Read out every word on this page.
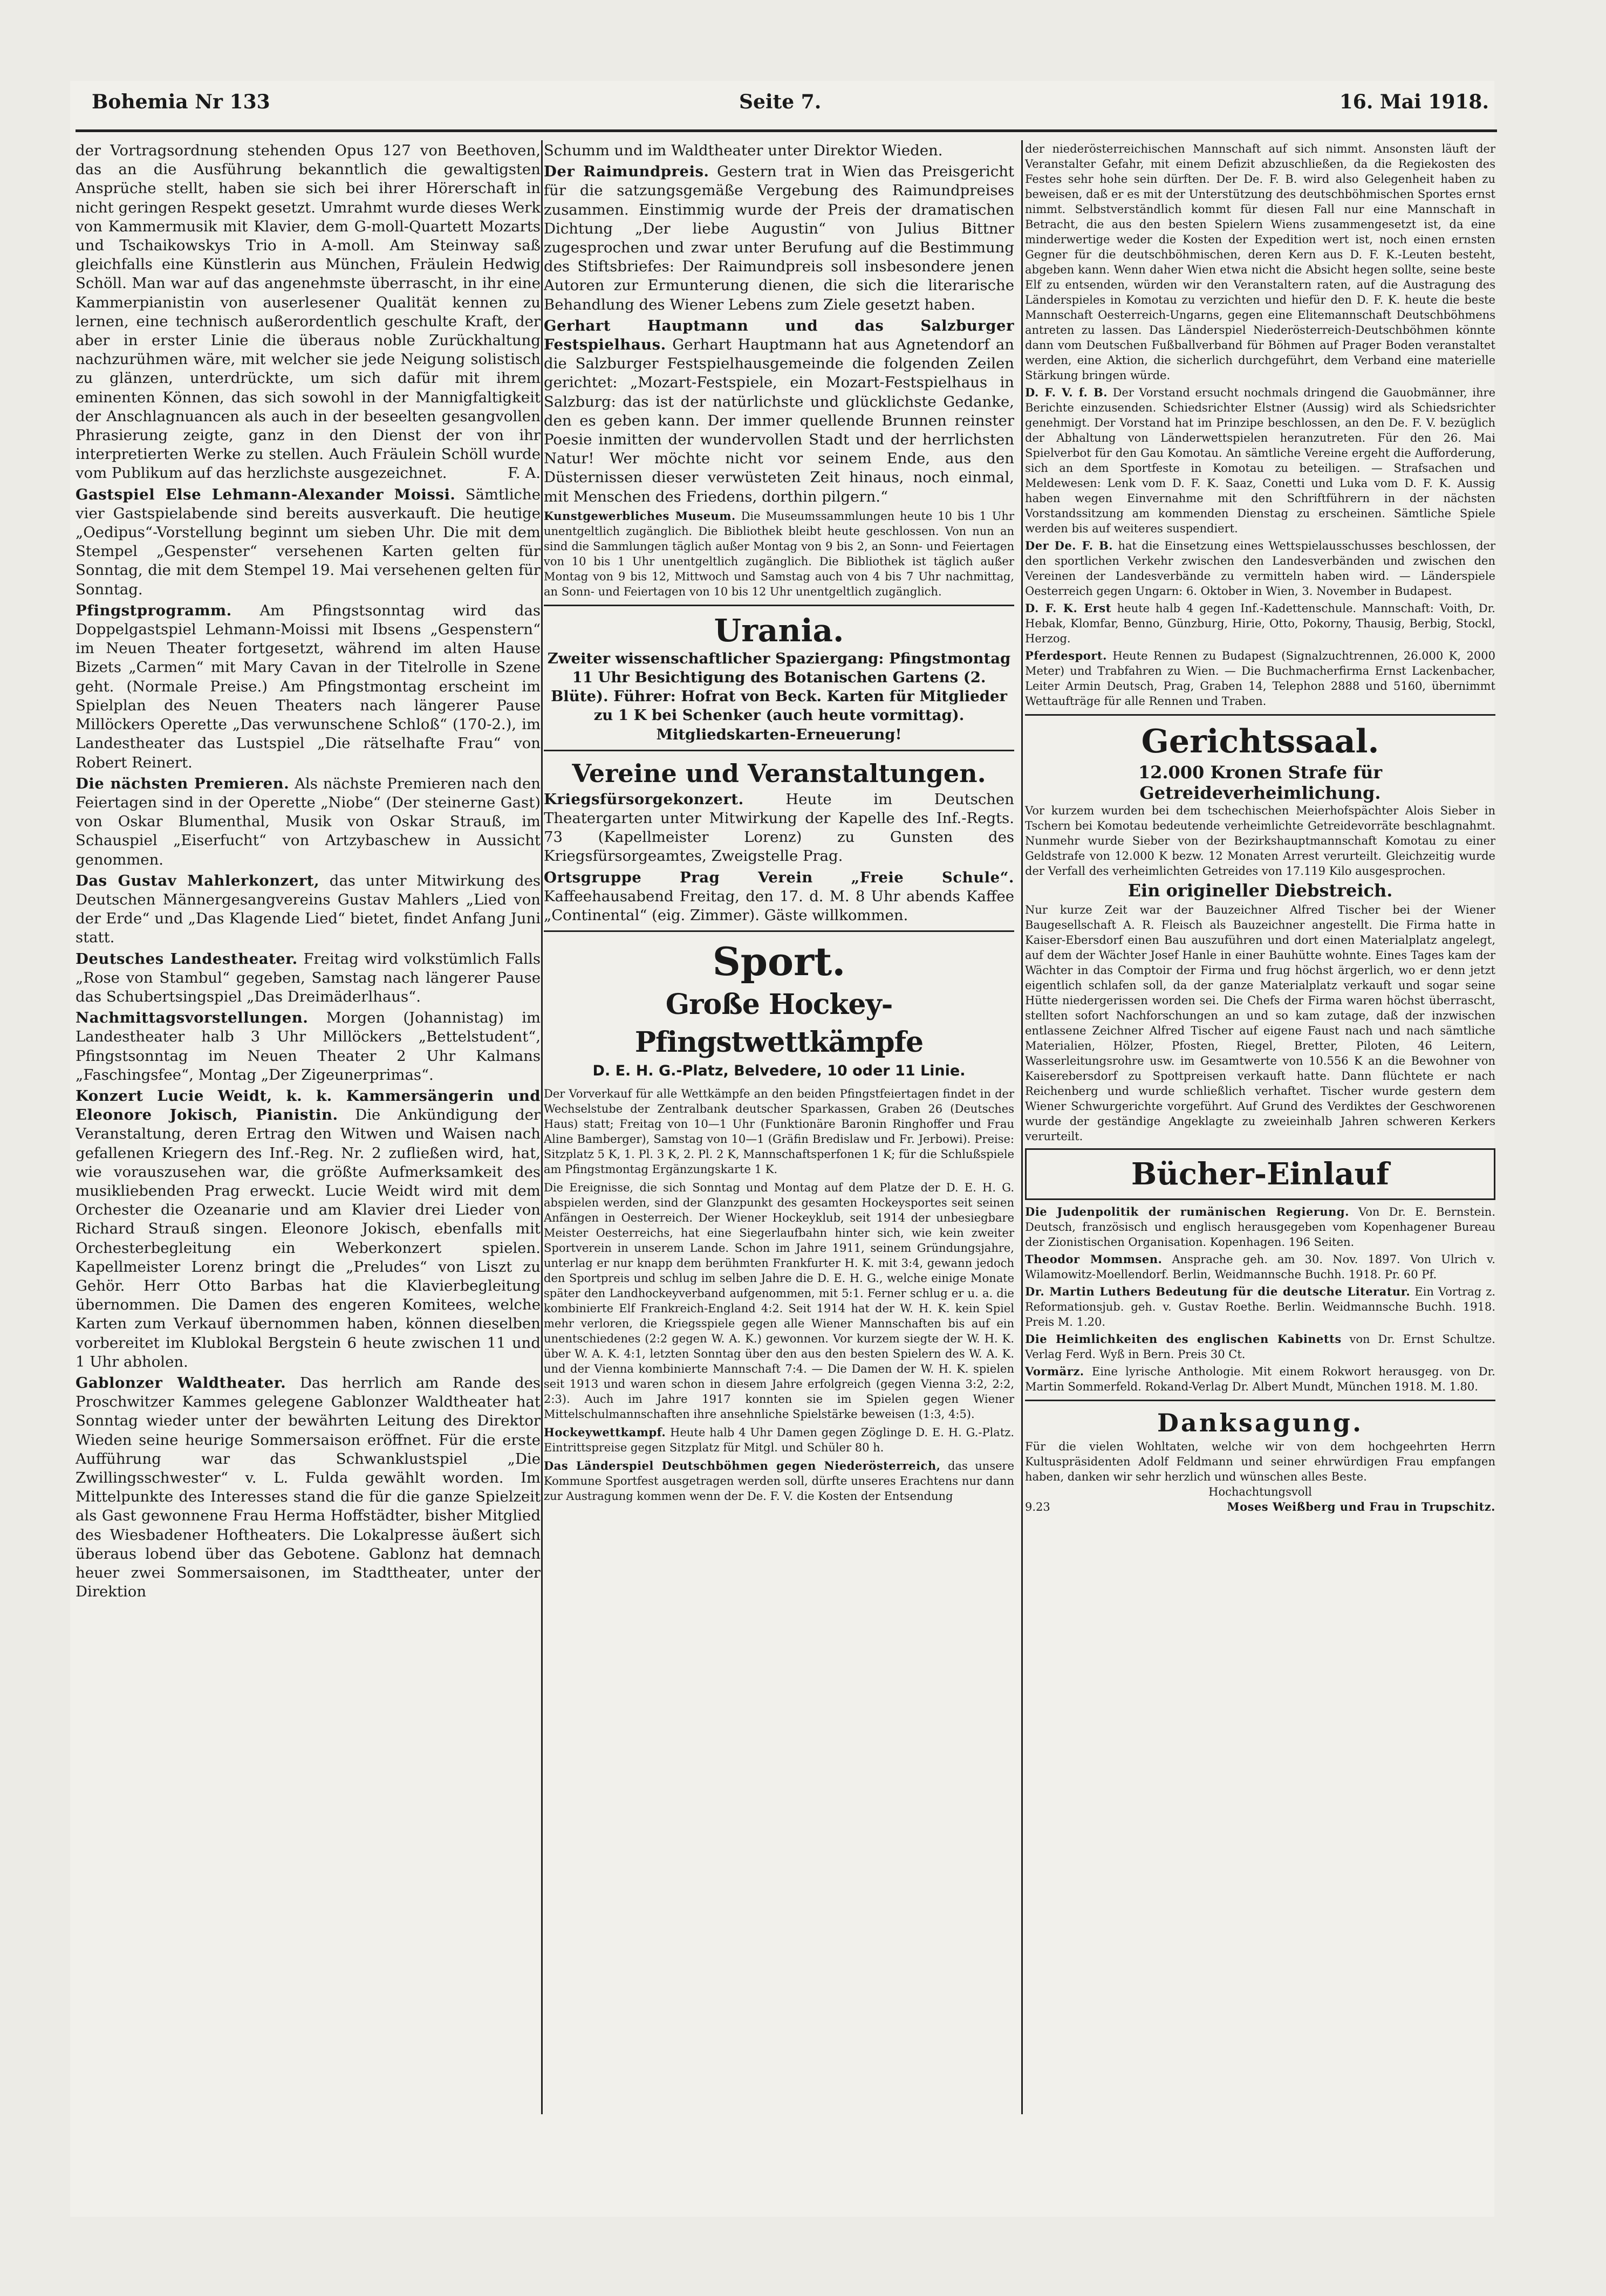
Bohemia Nr 133	Seite 7.	16. Mai 1918.

der Vortragsordnung stehenden Opus 127 von Beethoven, das an die Ausführung bekanntlich die gewaltigsten Ansprüche stellt, haben sie sich bei ihrer Hörerschaft in nicht geringen Respekt gesetzt. Umrahmt wurde dieses Werk von Kammermusik mit Klavier, dem G-moll-Quartett Mozarts und Tschaikowskys Trio in A-moll. Am Steinway saß gleichfalls eine Künstlerin aus München, Fräulein Hedwig Schöll. Man war auf das angenehmste überrascht, in ihr eine Kammerpianistin von auserlesener Qualität kennen zu lernen, eine technisch außerordentlich geschulte Kraft, der aber in erster Linie die überaus noble Zurückhaltung nachzurühmen wäre, mit welcher sie jede Neigung solistisch zu glänzen, unterdrückte, um sich dafür mit ihrem eminenten Können, das sich sowohl in der Mannigfaltigkeit der Anschlagnuancen als auch in der beseelten gesangvollen Phrasierung zeigte, ganz in den Dienst der von ihr interpretierten Werke zu stellen. Auch Fräulein Schöll wurde vom Publikum auf das herzlichste ausgezeichnet.	F. A.

Gastspiel Else Lehmann-Alexander Moissi. Sämtliche vier Gastspielabende sind bereits ausverkauft. Die heutige „Oedipus“-Vorstellung beginnt um sieben Uhr. Die mit dem Stempel „Gespenster“ versehenen Karten gelten für Sonntag, die mit dem Stempel 19. Mai versehenen gelten für Sonntag.

Pfingstprogramm. Am Pfingstsonntag wird das Doppelgastspiel Lehmann-Moissi mit Ibsens „Gespenstern“ im Neuen Theater fortgesetzt, während im alten Hause Bizets „Carmen“ mit Mary Cavan in der Titelrolle in Szene geht. (Normale Preise.) Am Pfingstmontag erscheint im Spielplan des Neuen Theaters nach längerer Pause Millöckers Operette „Das verwunschene Schloß“ (170-2.), im Landestheater das Lustspiel „Die rätselhafte Frau“ von Robert Reinert.

Die nächsten Premieren. Als nächste Premieren nach den Feiertagen sind in der Operette „Niobe“ (Der steinerne Gast) von Oskar Blumenthal, Musik von Oskar Strauß, im Schauspiel „Eiserfucht“ von Artzybaschew in Aussicht genommen.

Das Gustav Mahlerkonzert, das unter Mitwirkung des Deutschen Männergesangvereins Gustav Mahlers „Lied von der Erde“ und „Das Klagende Lied“ bietet, findet Anfang Juni statt.

Deutsches Landestheater. Freitag wird volkstümlich Falls „Rose von Stambul“ gegeben, Samstag nach längerer Pause das Schubertsingspiel „Das Dreimäderlhaus“.

Nachmittagsvorstellungen. Morgen (Johannistag) im Landestheater halb 3 Uhr Millöckers „Bettelstudent“, Pfingstsonntag im Neuen Theater 2 Uhr Kalmans „Faschingsfee“, Montag „Der Zigeunerprimas“.

Konzert Lucie Weidt, k. k. Kammersängerin und Eleonore Jokisch, Pianistin. Die Ankündigung der Veranstaltung, deren Ertrag den Witwen und Waisen nach gefallenen Kriegern des Inf.-Reg. Nr. 2 zufließen wird, hat, wie vorauszusehen war, die größte Aufmerksamkeit des musikliebenden Prag erweckt. Lucie Weidt wird mit dem Orchester die Ozeanarie und am Klavier drei Lieder von Richard Strauß singen. Eleonore Jokisch, ebenfalls mit Orchesterbegleitung ein Weberkonzert spielen. Kapellmeister Lorenz bringt die „Preludes“ von Liszt zu Gehör. Herr Otto Barbas hat die Klavierbegleitung übernommen. Die Damen des engeren Komitees, welche Karten zum Verkauf übernommen haben, können dieselben vorbereitet im Klublokal Bergstein 6 heute zwischen 11 und 1 Uhr abholen.

Gablonzer Waldtheater. Das herrlich am Rande des Proschwitzer Kammes gelegene Gablonzer Waldtheater hat Sonntag wieder unter der bewährten Leitung des Direktor Wieden seine heurige Sommersaison eröffnet. Für die erste Aufführung war das Schwanklustspiel „Die Zwillingsschwester“ v. L. Fulda gewählt worden. Im Mittelpunkte des Interesses stand die für die ganze Spielzeit als Gast gewonnene Frau Herma Hoffstädter, bisher Mitglied des Wiesbadener Hoftheaters. Die Lokalpresse äußert sich überaus lobend über das Gebotene. Gablonz hat demnach heuer zwei Sommersaisonen, im Stadttheater, unter der Direktion

Schumm und im Waldtheater unter Direktor Wieden.

Der Raimundpreis. Gestern trat in Wien das Preisgericht für die satzungsgemäße Vergebung des Raimundpreises zusammen. Einstimmig wurde der Preis der dramatischen Dichtung „Der liebe Augustin“ von Julius Bittner zugesprochen und zwar unter Berufung auf die Bestimmung des Stiftsbriefes: Der Raimundpreis soll insbesondere jenen Autoren zur Ermunterung dienen, die sich die literarische Behandlung des Wiener Lebens zum Ziele gesetzt haben.

Gerhart Hauptmann und das Salzburger Festspielhaus. Gerhart Hauptmann hat aus Agnetendorf an die Salzburger Festspielhausgemeinde die folgenden Zeilen gerichtet: „Mozart-Festspiele, ein Mozart-Festspielhaus in Salzburg: das ist der natürlichste und glücklichste Gedanke, den es geben kann. Der immer quellende Brunnen reinster Poesie inmitten der wundervollen Stadt und der herrlichsten Natur! Wer möchte nicht vor seinem Ende, aus den Düsternissen dieser verwüsteten Zeit hinaus, noch einmal, mit Menschen des Friedens, dorthin pilgern.“

Kunstgewerbliches Museum. Die Museumssammlungen heute 10 bis 1 Uhr unentgeltlich zugänglich. Die Bibliothek bleibt heute geschlossen. Von nun an sind die Sammlungen täglich außer Montag von 9 bis 2, an Sonn- und Feiertagen von 10 bis 1 Uhr unentgeltlich zugänglich. Die Bibliothek ist täglich außer Montag von 9 bis 12, Mittwoch und Samstag auch von 4 bis 7 Uhr nachmittag, an Sonn- und Feiertagen von 10 bis 12 Uhr unentgeltlich zugänglich.

Urania.

Zweiter wissenschaftlicher Spaziergang: Pfingstmontag 11 Uhr Besichtigung des Botanischen Gartens (2. Blüte). Führer: Hofrat von Beck. Karten für Mitglieder zu 1 K bei Schenker (auch heute vormittag). Mitgliedskarten-Erneuerung!

Vereine und Veranstaltungen.

Kriegsfürsorgekonzert.	Heute im Deutschen Theatergarten unter Mitwirkung der Kapelle des Inf.-Regts. 73 (Kapellmeister Lorenz) zu Gunsten des Kriegsfürsorgeamtes, Zweigstelle Prag.

Ortsgruppe Prag Verein „Freie Schule“. Kaffeehausabend Freitag, den 17. d. M. 8 Uhr abends Kaffee „Continental“ (eig. Zimmer). Gäste willkommen.

Sport.
Große Hockey-Pfingstwettkämpfe
D. E. H. G.-Platz, Belvedere, 10 oder 11 Linie.

Der Vorverkauf für alle Wettkämpfe an den beiden Pfingstfeiertagen findet in der Wechselstube der Zentralbank deutscher Sparkassen, Graben 26 (Deutsches Haus) statt; Freitag von 10—1 Uhr (Funktionäre Baronin Ringhoffer und Frau Aline Bamberger), Samstag von 10—1 (Gräfin Bredislaw und Fr. Jerbowi). Preise: Sitzplatz 5 K, 1. Pl. 3 K, 2. Pl. 2 K, Mannschaftsperfonen 1 K; für die Schlußspiele am Pfingstmontag Ergänzungskarte 1 K.

Die Ereignisse, die sich Sonntag und Montag auf dem Platze der D. E. H. G. abspielen werden, sind der Glanzpunkt des gesamten Hockeysportes seit seinen Anfängen in Oesterreich. Der Wiener Hockeyklub, seit 1914 der unbesiegbare Meister Oesterreichs, hat eine Siegerlaufbahn hinter sich, wie kein zweiter Sportverein in unserem Lande. Schon im Jahre 1911, seinem Gründungsjahre, unterlag er nur knapp dem berühmten Frankfurter H. K. mit 3:4, gewann jedoch den Sportpreis und schlug im selben Jahre die D. E. H. G., welche einige Monate später den Landhockeyverband aufgenommen, mit 5:1. Ferner schlug er u. a. die kombinierte Elf Frankreich-England 4:2. Seit 1914 hat der W. H. K. kein Spiel mehr verloren, die Kriegsspiele gegen alle Wiener Mannschaften bis auf ein unentschiedenes (2:2 gegen W. A. K.) gewonnen. Vor kurzem siegte der W. H. K. über W. A. K. 4:1, letzten Sonntag über den aus den besten Spielern des W. A. K. und der Vienna kombinierte Mannschaft 7:4. — Die Damen der W. H. K. spielen seit 1913 und waren schon in diesem Jahre erfolgreich (gegen Vienna 3:2, 2:2, 2:3). Auch im Jahre 1917 konnten sie im Spielen gegen Wiener Mittelschulmannschaften ihre ansehnliche Spielstärke beweisen (1:3, 4:5).

Hockeywettkampf. Heute halb 4 Uhr Damen gegen Zöglinge D. E. H. G.-Platz. Eintrittspreise gegen Sitzplatz für Mitgl. und Schüler 80 h.

Das Länderspiel Deutschböhmen gegen Niederösterreich, das unsere Kommune Sportfest ausgetragen werden soll, dürfte unseres Erachtens nur dann zur Austragung kommen wenn der De. F. V. die Kosten der Entsendung

der niederösterreichischen Mannschaft auf sich nimmt. Ansonsten läuft der Veranstalter Gefahr, mit einem Defizit abzuschließen, da die Regiekosten des Festes sehr hohe sein dürften. Der De. F. B. wird also Gelegenheit haben zu beweisen, daß er es mit der Unterstützung des deutschböhmischen Sportes ernst nimmt. Selbstverständlich kommt für diesen Fall nur eine Mannschaft in Betracht, die aus den besten Spielern Wiens zusammengesetzt ist, da eine minderwertige weder die Kosten der Expedition wert ist, noch einen ernsten Gegner für die deutschböhmischen, deren Kern aus D. F. K.-Leuten besteht, abgeben kann. Wenn daher Wien etwa nicht die Absicht hegen sollte, seine beste Elf zu entsenden, würden wir den Veranstaltern raten, auf die Austragung des Länderspieles in Komotau zu verzichten und hiefür den D. F. K. heute die beste Mannschaft Oesterreich-Ungarns, gegen eine Elitemannschaft Deutschböhmens antreten zu lassen. Das Länderspiel Niederösterreich-Deutschböhmen könnte dann vom Deutschen Fußballverband für Böhmen auf Prager Boden veranstaltet werden, eine Aktion, die sicherlich durchgeführt, dem Verband eine materielle Stärkung bringen würde.

D. F. V. f. B. Der Vorstand ersucht nochmals dringend die Gauobmänner, ihre Berichte einzusenden. Schiedsrichter Elstner (Aussig) wird als Schiedsrichter genehmigt. Der Vorstand hat im Prinzipe beschlossen, an den De. F. V. bezüglich der Abhaltung von Länderwettspielen heranzutreten. Für den 26. Mai Spielverbot für den Gau Komotau. An sämtliche Vereine ergeht die Aufforderung, sich an dem Sportfeste in Komotau zu beteiligen. — Strafsachen und Meldewesen: Lenk vom D. F. K. Saaz, Conetti und Luka vom D. F. K. Aussig haben wegen Einvernahme mit den Schriftführern in der nächsten Vorstandssitzung am kommenden Dienstag zu erscheinen. Sämtliche Spiele werden bis auf weiteres suspendiert.

Der De. F. B. hat die Einsetzung eines Wettspielausschusses beschlossen, der den sportlichen Verkehr zwischen den Landesverbänden und zwischen den Vereinen der Landesverbände zu vermitteln haben wird. — Länderspiele Oesterreich gegen Ungarn: 6. Oktober in Wien, 3. November in Budapest.

D. F. K. Erst heute halb 4 gegen Inf.-Kadettenschule. Mannschaft: Voith, Dr. Hebak, Klomfar, Benno, Günzburg, Hirie, Otto, Pokorny, Thausig, Berbig, Stockl, Herzog.

Pferdesport. Heute Rennen zu Budapest (Signalzuchtrennen, 26.000 K, 2000 Meter) und Trabfahren zu Wien. — Die Buchmacherfirma Ernst Lackenbacher, Leiter Armin Deutsch, Prag, Graben 14, Telephon 2888 und 5160, übernimmt Wettaufträge für alle Rennen und Traben.

Gerichtssaal.
12.000 Kronen Strafe für Getreideverheimlichung.

Vor kurzem wurden bei dem tschechischen Meierhofspächter Alois Sieber in Tschern bei Komotau bedeutende verheimlichte Getreidevorräte beschlagnahmt. Nunmehr wurde Sieber von der Bezirkshauptmannschaft Komotau zu einer Geldstrafe von 12.000 K bezw. 12 Monaten Arrest verurteilt. Gleichzeitig wurde der Verfall des verheimlichten Getreides von 17.119 Kilo ausgesprochen.

Ein origineller Diebstreich.

Nur kurze Zeit war der Bauzeichner Alfred Tischer bei der Wiener Baugesellschaft A. R. Fleisch als Bauzeichner angestellt. Die Firma hatte in Kaiser-Ebersdorf einen Bau auszuführen und dort einen Materialplatz angelegt, auf dem der Wächter Josef Hanle in einer Bauhütte wohnte. Eines Tages kam der Wächter in das Comptoir der Firma und frug höchst ärgerlich, wo er denn jetzt eigentlich schlafen soll, da der ganze Materialplatz verkauft und sogar seine Hütte niedergerissen worden sei. Die Chefs der Firma waren höchst überrascht, stellten sofort Nachforschungen an und so kam zutage, daß der inzwischen entlassene Zeichner Alfred Tischer auf eigene Faust nach und nach sämtliche Materialien, Hölzer, Pfosten, Riegel, Bretter, Piloten, 46 Leitern, Wasserleitungsrohre usw. im Gesamtwerte von 10.556 K an die Bewohner von Kaiserebersdorf zu Spottpreisen verkauft hatte. Dann flüchtete er nach Reichenberg und wurde schließlich verhaftet. Tischer wurde gestern dem Wiener Schwurgerichte vorgeführt. Auf Grund des Verdiktes der Geschworenen wurde der geständige Angeklagte zu zweieinhalb Jahren schweren Kerkers verurteilt.

Bücher-Einlauf

Die Judenpolitik der rumänischen Regierung. Von Dr. E. Bernstein. Deutsch, französisch und englisch herausgegeben vom Kopenhagener Bureau der Zionistischen Organisation. Kopenhagen. 196 Seiten.

Theodor Mommsen. Ansprache geh. am 30. Nov. 1897. Von Ulrich v. Wilamowitz-Moellendorf. Berlin, Weidmannsche Buchh. 1918. Pr. 60 Pf.

Dr. Martin Luthers Bedeutung für die deutsche Literatur. Ein Vortrag z. Reformationsjub. geh. v. Gustav Roethe. Berlin. Weidmannsche Buchh. 1918. Preis M. 1.20.

Die Heimlichkeiten des englischen Kabinetts von Dr. Ernst Schultze. Verlag Ferd. Wyß in Bern. Preis 30 Ct.

Vormärz. Eine lyrische Anthologie. Mit einem Rokwort herausgeg. von Dr. Martin Sommerfeld. Rokand-Verlag Dr. Albert Mundt, München 1918. M. 1.80.

Danksagung.

Für die vielen Wohltaten, welche wir von dem hochgeehrten Herrn Kultuspräsidenten Adolf Feldmann und seiner ehrwürdigen Frau empfangen haben, danken wir sehr herzlich und wünschen alles Beste.

Hochachtungsvoll

9.23	Moses Weißberg und Frau in Trupschitz.
